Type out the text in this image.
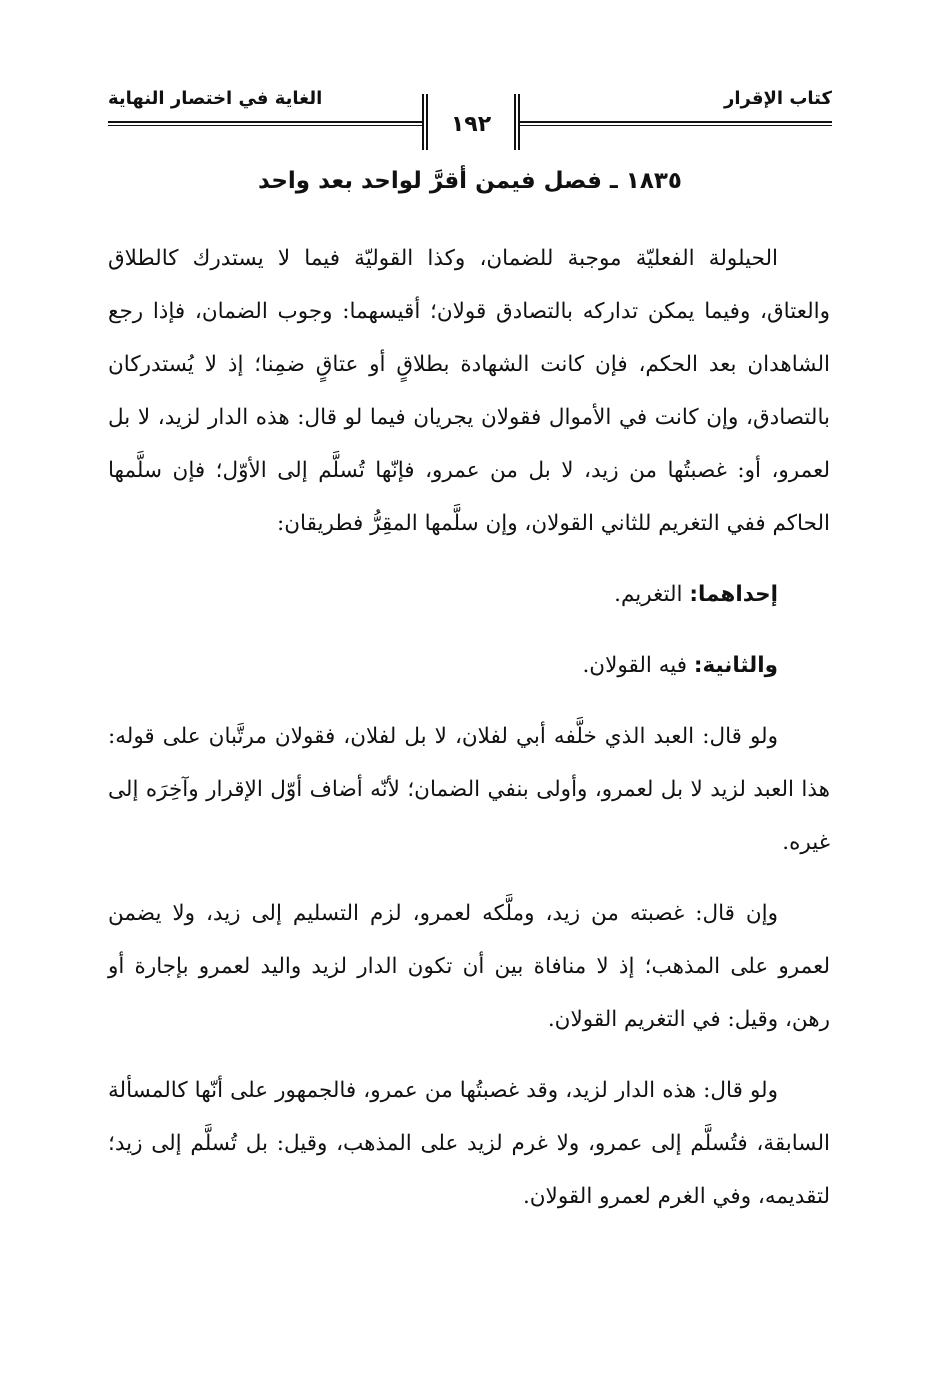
كتاب الإقرار
الغاية في اختصار النهاية
١٩٢
١٨٣٥ ـ فصل فيمن أقرَّ لواحد بعد واحد

الحيلولة الفعليّة موجبة للضمان، وكذا القوليّة فيما لا يستدرك كالطلاق والعتاق، وفيما يمكن تداركه بالتصادق قولان؛ أقيسهما: وجوب الضمان، فإذا رجع الشاهدان بعد الحكم، فإن كانت الشهادة بطلاقٍ أو عتاقٍ ضمِنا؛ إذ لا يُستدركان بالتصادق، وإن كانت في الأموال فقولان يجريان فيما لو قال: هذه الدار لزيد، لا بل لعمرو، أو: غصبتُها من زيد، لا بل من عمرو، فإنّها تُسلَّم إلى الأوّل؛ فإن سلَّمها الحاكم ففي التغريم للثاني القولان، وإن سلَّمها المقِرُّ فطريقان:

إحداهما: التغريم.

والثانية: فيه القولان.

ولو قال: العبد الذي خلَّفه أبي لفلان، لا بل لفلان، فقولان مرتَّبان على قوله: هذا العبد لزيد لا بل لعمرو، وأولى بنفي الضمان؛ لأنّه أضاف أوّل الإقرار وآخِرَه إلى غيره.

وإن قال: غصبته من زيد، وملَّكه لعمرو، لزم التسليم إلى زيد، ولا يضمن لعمرو على المذهب؛ إذ لا منافاة بين أن تكون الدار لزيد واليد لعمرو بإجارة أو رهن، وقيل: في التغريم القولان.

ولو قال: هذه الدار لزيد، وقد غصبتُها من عمرو، فالجمهور على أنّها كالمسألة السابقة، فتُسلَّم إلى عمرو، ولا غرم لزيد على المذهب، وقيل: بل تُسلَّم إلى زيد؛ لتقديمه، وفي الغرم لعمرو القولان.
